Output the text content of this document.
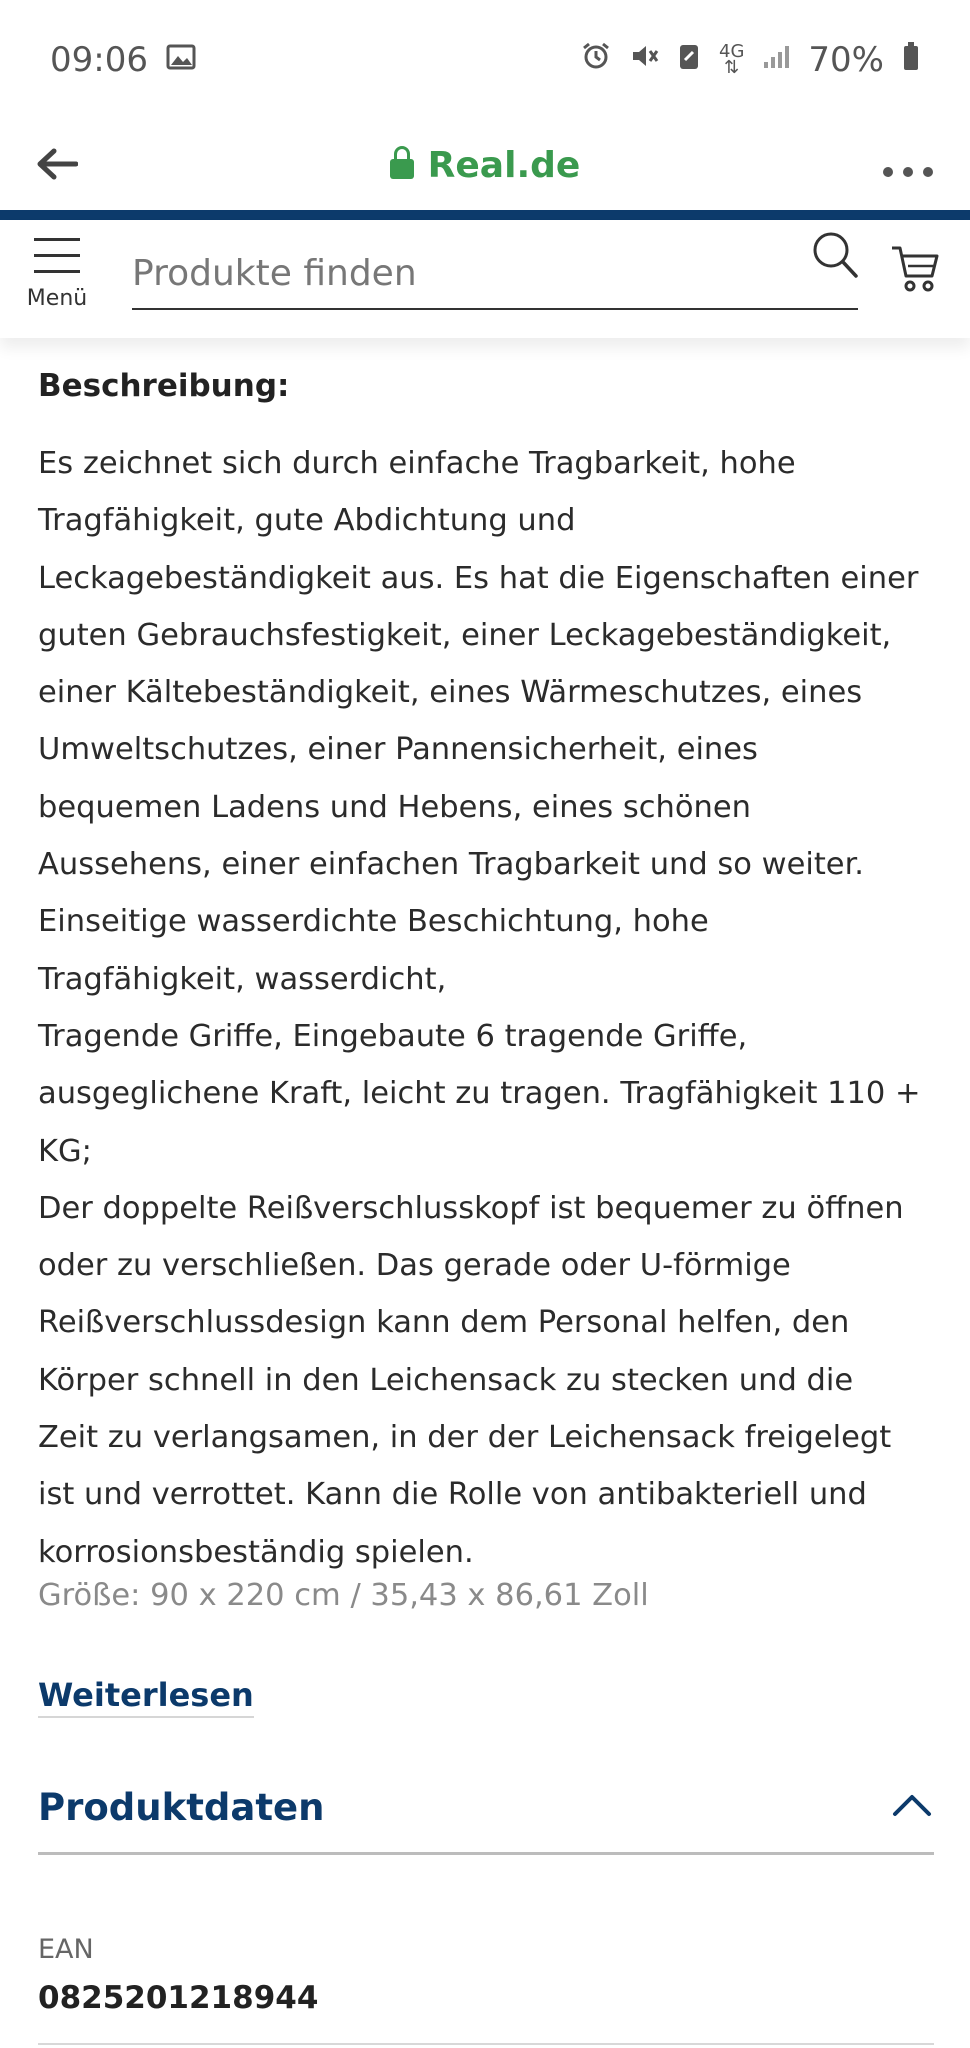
09:06	4G
⇅ 70%
Real.de
Menü
Produkte finden
Beschreibung:

Es zeichnet sich durch einfache Tragbarkeit, hohe
Tragfähigkeit, gute Abdichtung und
Leckagebeständigkeit aus. Es hat die Eigenschaften einer
guten Gebrauchsfestigkeit, einer Leckagebeständigkeit,
einer Kältebeständigkeit, eines Wärmeschutzes, eines
Umweltschutzes, einer Pannensicherheit, eines
bequemen Ladens und Hebens, eines schönen
Aussehens, einer einfachen Tragbarkeit und so weiter.
Einseitige wasserdichte Beschichtung, hohe
Tragfähigkeit, wasserdicht,
Tragende Griffe, Eingebaute 6 tragende Griffe,
ausgeglichene Kraft, leicht zu tragen. Tragfähigkeit 110 +
KG;
Der doppelte Reißverschlusskopf ist bequemer zu öffnen
oder zu verschließen. Das gerade oder U-förmige
Reißverschlussdesign kann dem Personal helfen, den
Körper schnell in den Leichensack zu stecken und die
Zeit zu verlangsamen, in der der Leichensack freigelegt
ist und verrottet. Kann die Rolle von antibakteriell und
korrosionsbeständig spielen.

Größe: 90 x 220 cm / 35,43 x 86,61 Zoll
Weiterlesen
Produktdaten
EAN
0825201218944
